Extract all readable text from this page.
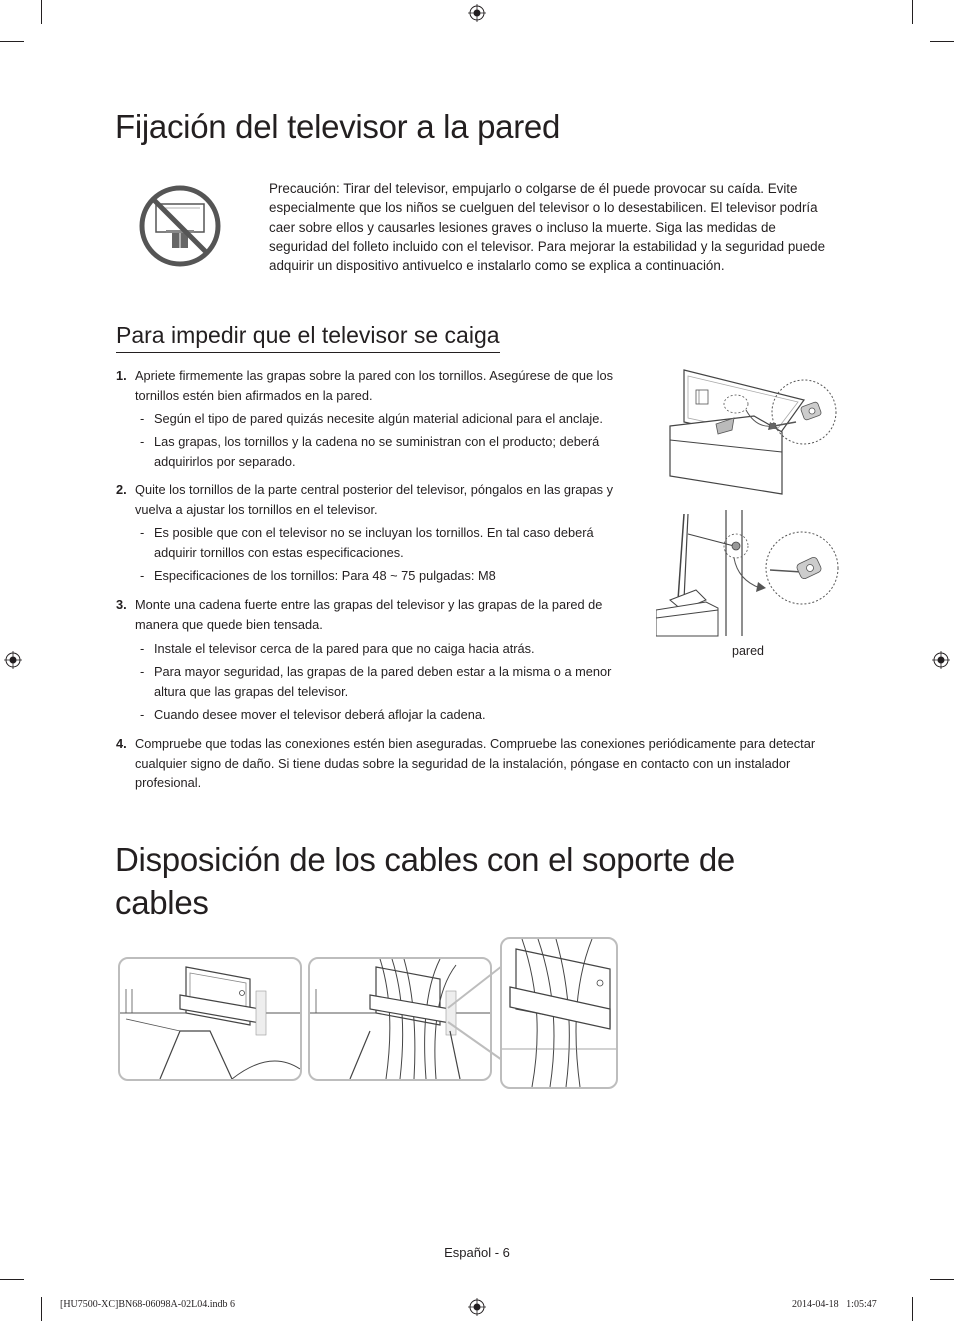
Fijación del televisor a la pared
Precaución: Tirar del televisor, empujarlo o colgarse de él puede provocar su caída. Evite especialmente que los niños se cuelguen del televisor o lo desestabilicen. El televisor podría caer sobre ellos y causarles lesiones graves o incluso la muerte. Siga las medidas de seguridad del folleto incluido con el televisor. Para mejorar la estabilidad y la seguridad puede adquirir un dispositivo antivuelco e instalarlo como se explica a continuación.
Para impedir que el televisor se caiga
1. Apriete firmemente las grapas sobre la pared con los tornillos. Asegúrese de que los tornillos estén bien afirmados en la pared.
- Según el tipo de pared quizás necesite algún material adicional para el anclaje.
- Las grapas, los tornillos y la cadena no se suministran con el producto; deberá adquirirlos por separado.
2. Quite los tornillos de la parte central posterior del televisor, póngalos en las grapas y vuelva a ajustar los tornillos en el televisor.
- Es posible que con el televisor no se incluyan los tornillos. En tal caso deberá adquirir tornillos con estas especificaciones.
- Especificaciones de los tornillos: Para 48 ~ 75 pulgadas: M8
3. Monte una cadena fuerte entre las grapas del televisor y las grapas de la pared de manera que quede bien tensada.
- Instale el televisor cerca de la pared para que no caiga hacia atrás.
- Para mayor seguridad, las grapas de la pared deben estar a la misma o a menor altura que las grapas del televisor.
- Cuando desee mover el televisor deberá aflojar la cadena.
4. Compruebe que todas las conexiones estén bien aseguradas. Compruebe las conexiones periódicamente para detectar cualquier signo de daño. Si tiene dudas sobre la seguridad de la instalación, póngase en contacto con un instalador profesional.
pared
Disposición de los cables con el soporte de cables
Español - 6
[HU7500-XC]BN68-06098A-02L04.indb 6	2014-04-18   1:05:47
